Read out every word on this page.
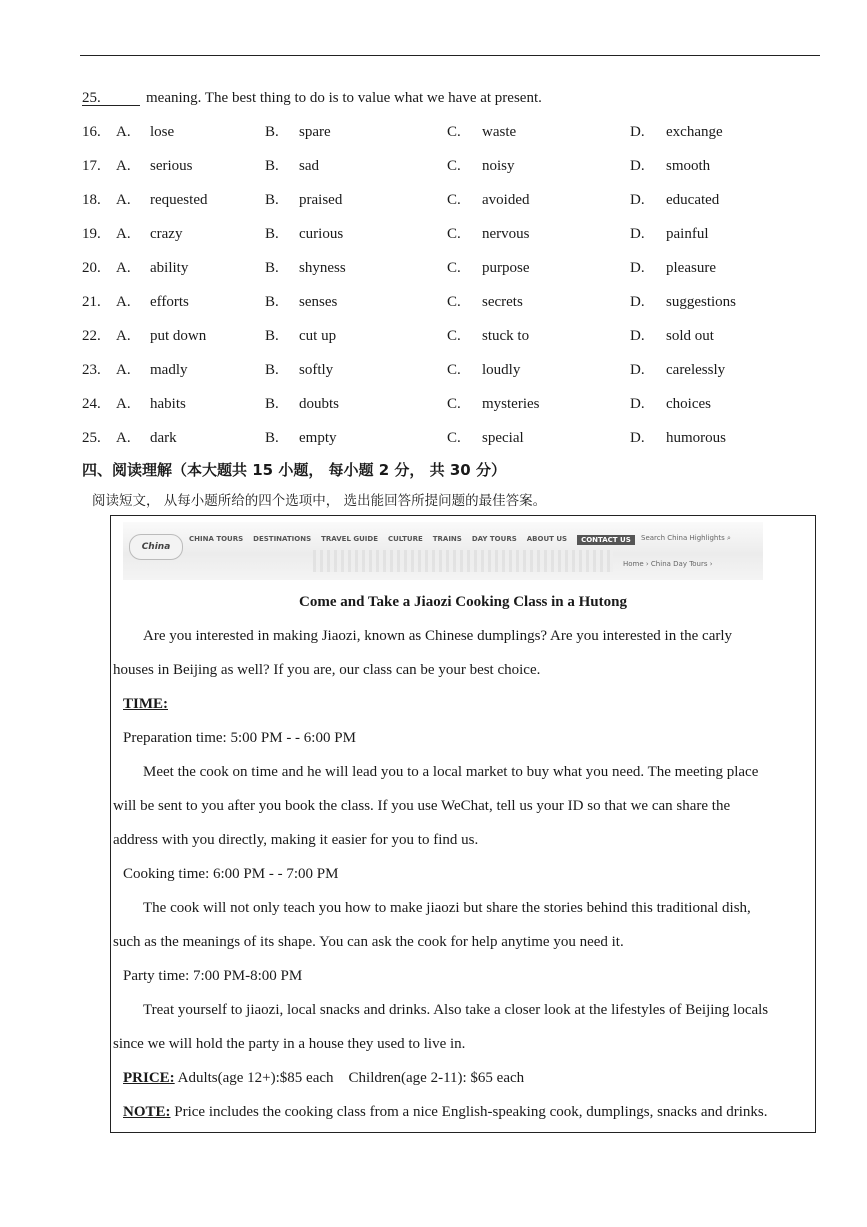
25.	meaning. The best thing to do is to value what we have at present.
16. A. lose	B. spare	C. waste	D. exchange
17. A. serious	B. sad	C. noisy	D. smooth
18. A. requested	B. praised	C. avoided	D. educated
19. A. crazy	B. curious	C. nervous	D. painful
20. A. ability	B. shyness	C. purpose	D. pleasure
21. A. efforts	B. senses	C. secrets	D. suggestions
22. A. put down	B. cut up	C. stuck to	D. sold out
23. A. madly	B. softly	C. loudly	D. carelessly
24. A. habits	B. doubts	C. mysteries	D. choices
25. A. dark	B. empty	C. special	D. humorous
四、阅读理解（本大题共 15 小题， 每小题 2 分， 共 30 分）
阅读短文， 从每小题所给的四个选项中， 选出能回答所提问题的最佳答案。
China
CHINA TOURS DESTINATIONS TRAVEL GUIDE CULTURE TRAINS DAY TOURS ABOUT US	CONTACT US	Search China Highlights ⌕
Home › China Day Tours ›
Come and Take a Jiaozi Cooking Class in a Hutong
Are you interested in making Jiaozi, known as Chinese dumplings? Are you interested in the carly
houses in Beijing as well? If you are, our class can be your best choice.
TIME:
Preparation time: 5:00 PM - - 6:00 PM
Meet the cook on time and he will lead you to a local market to buy what you need. The meeting place
will be sent to you after you book the class. If you use WeChat, tell us your ID so that we can share the
address with you directly, making it easier for you to find us.
Cooking time: 6:00 PM - - 7:00 PM
The cook will not only teach you how to make jiaozi but share the stories behind this traditional dish,
such as the meanings of its shape. You can ask the cook for help anytime you need it.
Party time: 7:00 PM-8:00 PM
Treat yourself to jiaozi, local snacks and drinks. Also take a closer look at the lifestyles of Beijing locals
since we will hold the party in a house they used to live in.
PRICE: Adults(age 12+):$85 each    Children(age 2-11): $65 each
NOTE: Price includes the cooking class from a nice English-speaking cook, dumplings, snacks and drinks.
